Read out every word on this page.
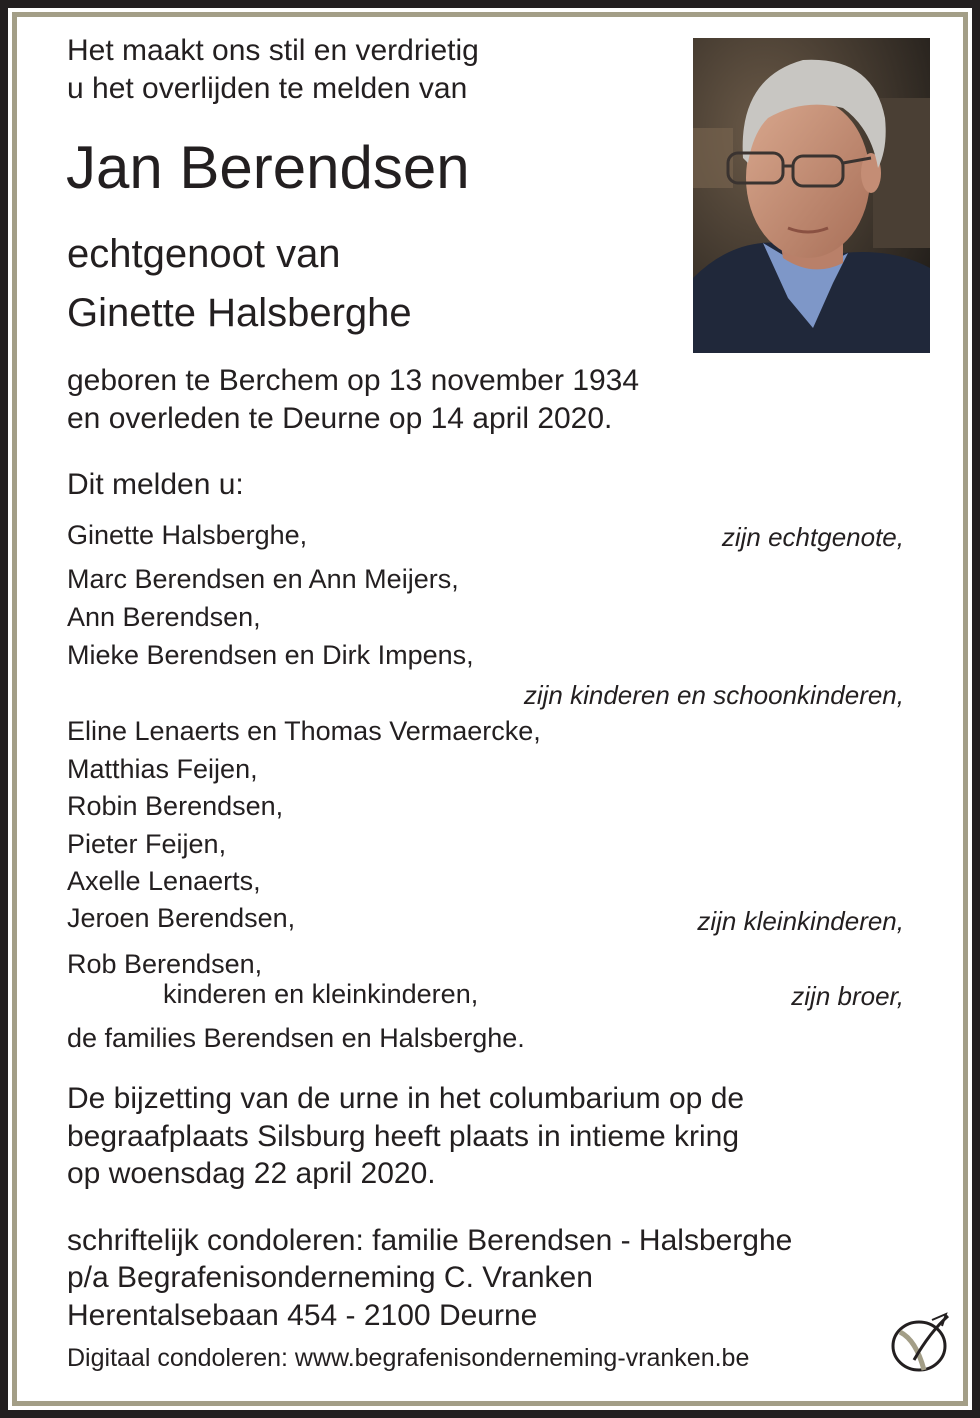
Het maakt ons stil en verdrietig

u het overlijden te melden van

Jan Berendsen

echtgenoot van

Ginette Halsberghe

geboren te Berchem op 13 november 1934

en overleden te Deurne op 14 april 2020.

Dit melden u:

Ginette Halsberghe,	zijn echtgenote,

Marc Berendsen en Ann Meijers,

Ann Berendsen,

Mieke Berendsen en Dirk Impens,

zijn kinderen en schoonkinderen,

Eline Lenaerts en Thomas Vermaercke,

Matthias Feijen,

Robin Berendsen,

Pieter Feijen,

Axelle Lenaerts,

Jeroen Berendsen,	zijn kleinkinderen,

Rob Berendsen,

kinderen en kleinkinderen,	zijn broer,

de families Berendsen en Halsberghe.

De bijzetting van de urne in het columbarium op de

begraafplaats Silsburg heeft plaats in intieme kring

op woensdag 22 april 2020.

schriftelijk condoleren: familie Berendsen - Halsberghe

p/a Begrafenisonderneming C. Vranken

Herentalsebaan 454 - 2100 Deurne

Digitaal condoleren: www.begrafenisonderneming-vranken.be
